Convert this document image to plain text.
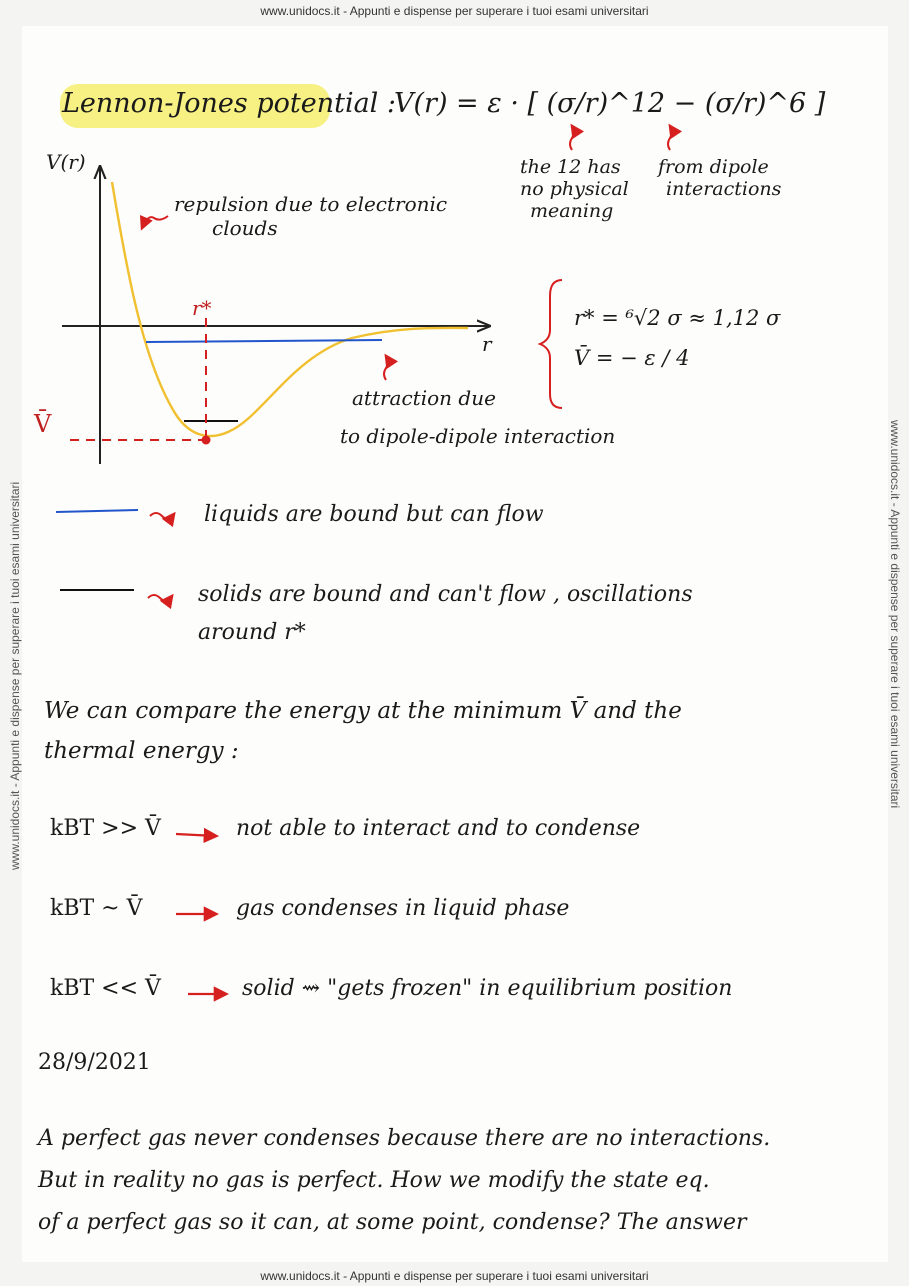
www.unidocs.it - Appunti e dispense per superare i tuoi esami universitari
www.unidocs.it - Appunti e dispense per superare i tuoi esami universitari	www.unidocs.it - Appunti e dispense per superare i tuoi esami universitari
Lennon-Jones potential :
V(r) = ε · [ (σ/r)^12 − (σ/r)^6 ]
the 12 has
no physical
meaning
from dipole
interactions
V(r)
r
r*
V̄
repulsion due to electronic
clouds
attraction due
to dipole-dipole interaction
r* = ⁶√2 σ ≈ 1,12 σ
V̄ = − ε / 4
liquids are bound but can flow
solids are bound and can't flow , oscillations
around r*
We can compare the energy at the minimum V̄ and the
thermal energy :
kBT >> V̄	not able to interact and to condense
kBT ~ V̄	gas condenses in liquid phase
kBT << V̄	solid ⇝ "gets frozen" in equilibrium position
28/9/2021
A perfect gas never condenses because there are no interactions.
But in reality no gas is perfect. How we modify the state eq.
of a perfect gas so it can, at some point, condense? The answer
www.unidocs.it - Appunti e dispense per superare i tuoi esami universitari
